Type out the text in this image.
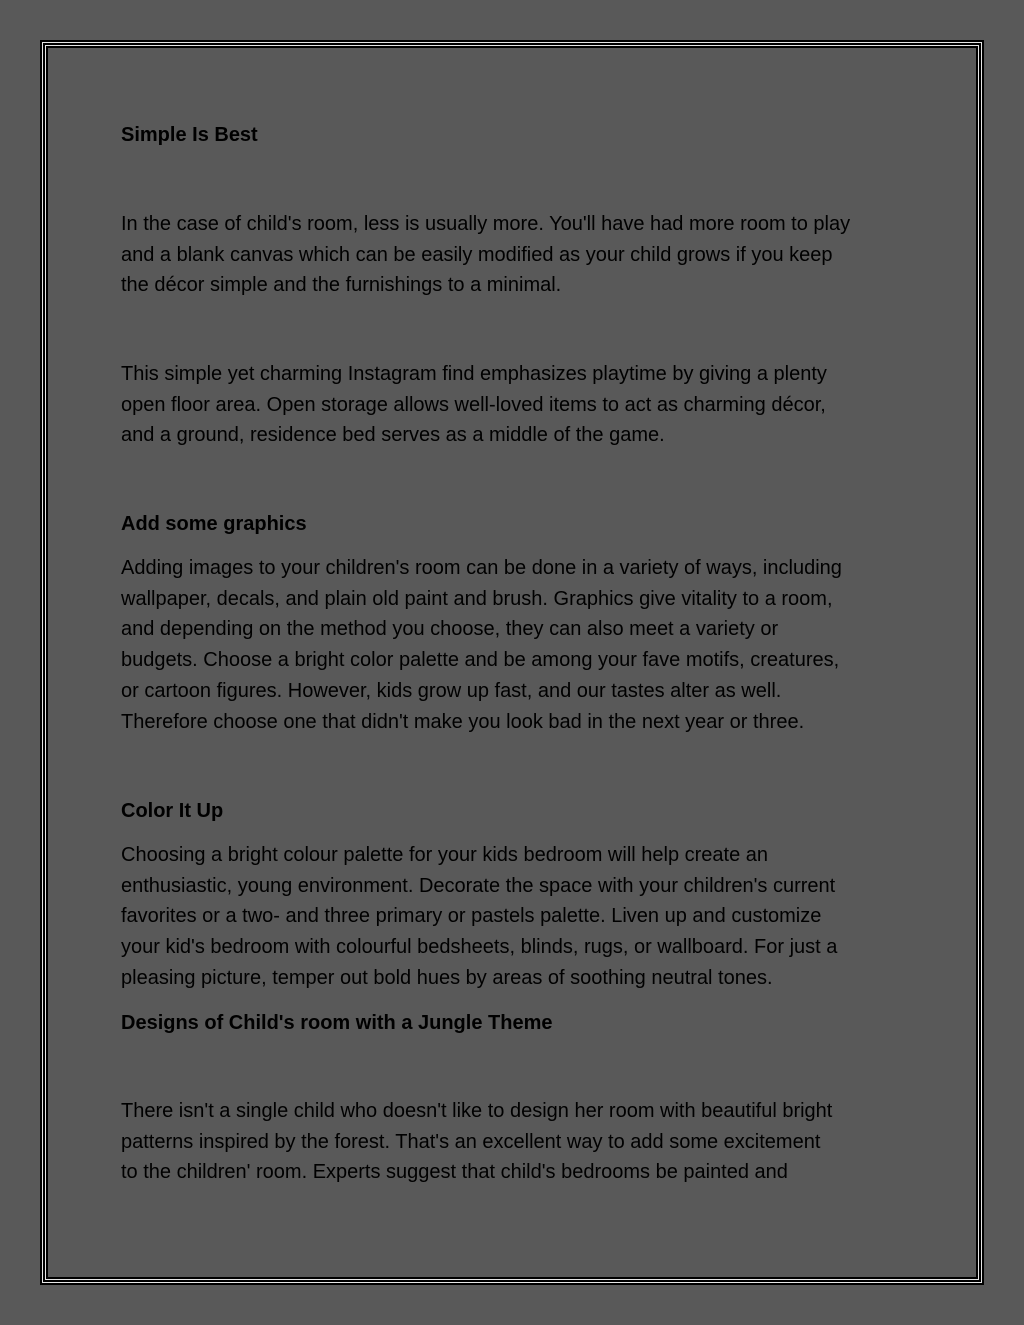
Simple Is Best

In the case of child's room, less is usually more. You'll have had more room to play
and a blank canvas which can be easily modified as your child grows if you keep
the décor simple and the furnishings to a minimal.

This simple yet charming Instagram find emphasizes playtime by giving a plenty
open floor area. Open storage allows well-loved items to act as charming décor,
and a ground, residence bed serves as a middle of the game.

Add some graphics

Adding images to your children's room can be done in a variety of ways, including
wallpaper, decals, and plain old paint and brush. Graphics give vitality to a room,
and depending on the method you choose, they can also meet a variety or
budgets. Choose a bright color palette and be among your fave motifs, creatures,
or cartoon figures. However, kids grow up fast, and our tastes alter as well.
Therefore choose one that didn't make you look bad in the next year or three.

Color It Up

Choosing a bright colour palette for your kids bedroom will help create an
enthusiastic, young environment. Decorate the space with your children's current
favorites or a two- and three primary or pastels palette. Liven up and customize
your kid's bedroom with colourful bedsheets, blinds, rugs, or wallboard. For just a
pleasing picture, temper out bold hues by areas of soothing neutral tones.

Designs of Child's room with a Jungle Theme

There isn't a single child who doesn't like to design her room with beautiful bright
patterns inspired by the forest. That's an excellent way to add some excitement
to the children' room. Experts suggest that child's bedrooms be painted and
